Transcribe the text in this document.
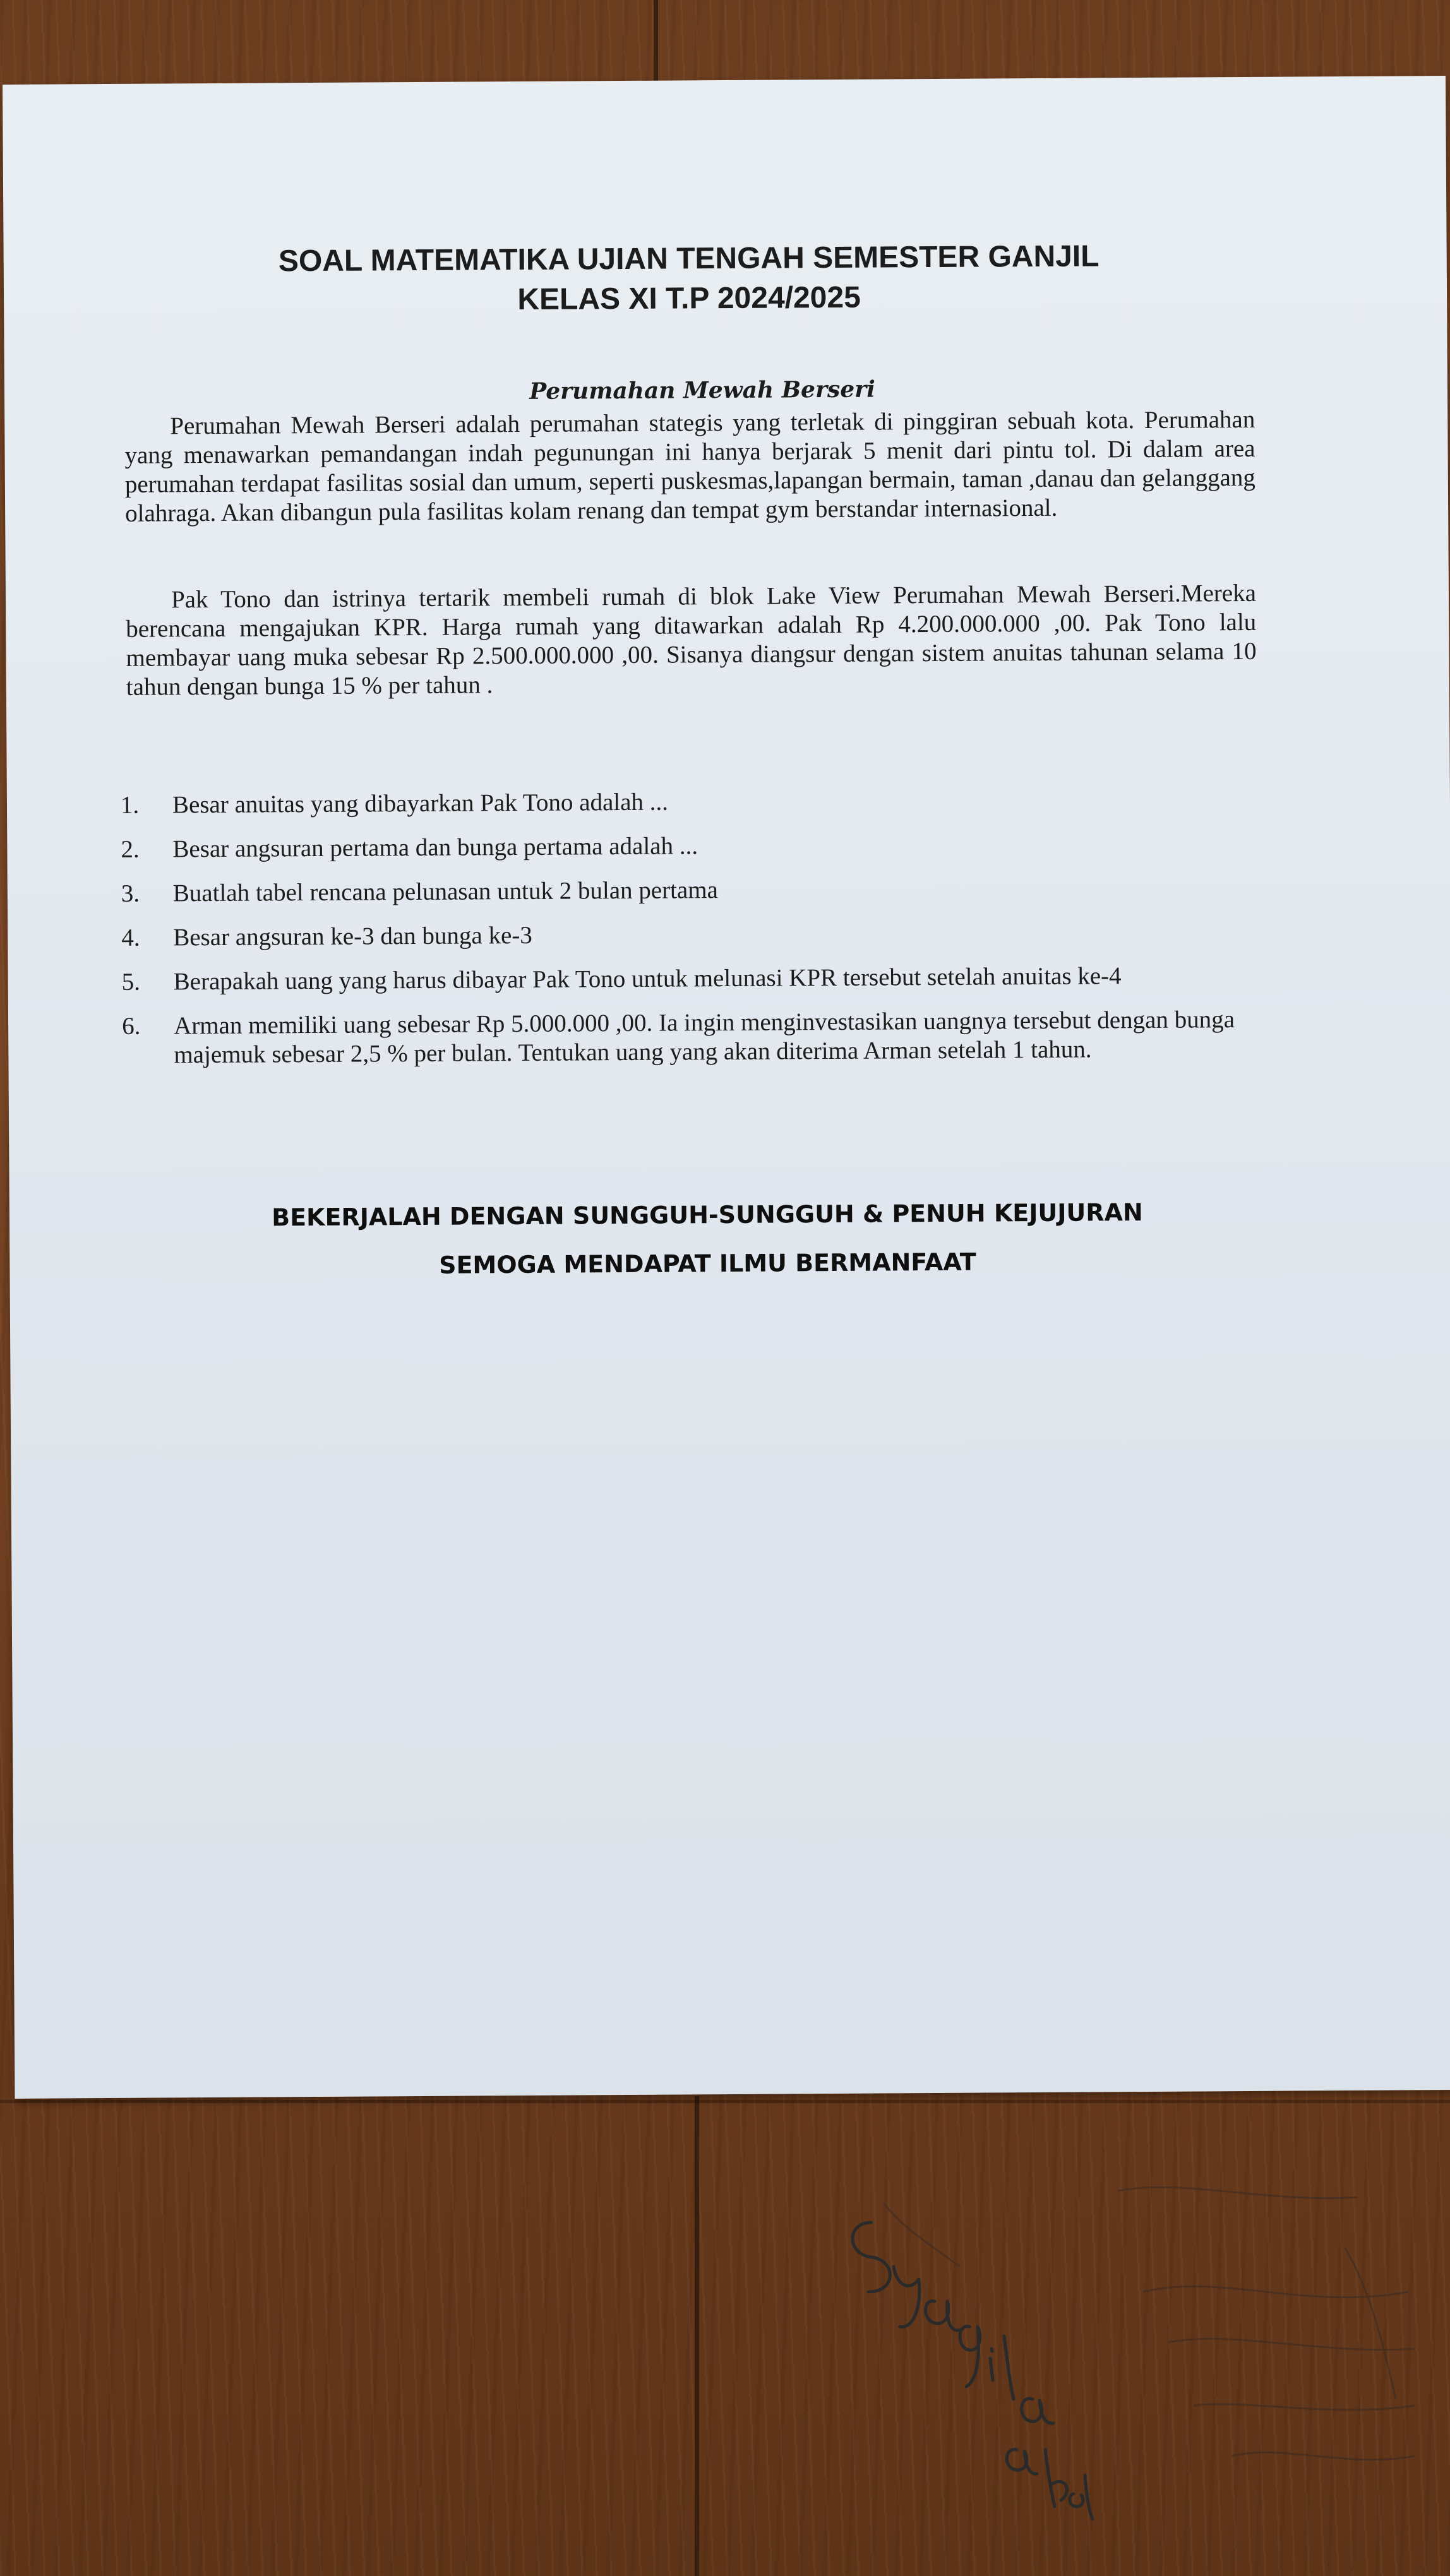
SOAL MATEMATIKA UJIAN TENGAH SEMESTER GANJIL
KELAS XI T.P 2024/2025
Perumahan Mewah Berseri

Perumahan Mewah Berseri adalah perumahan stategis yang terletak di pinggiran sebuah kota. Perumahan yang menawarkan pemandangan indah pegunungan ini hanya berjarak 5 menit dari pintu tol. Di dalam area perumahan terdapat fasilitas sosial dan umum, seperti puskesmas,lapangan bermain, taman ,danau dan gelanggang olahraga. Akan dibangun pula fasilitas kolam renang dan tempat gym berstandar internasional.

Pak Tono dan istrinya tertarik membeli rumah di blok Lake View Perumahan Mewah Berseri.Mereka berencana mengajukan KPR. Harga rumah yang ditawarkan adalah Rp 4.200.000.000 ,00. Pak Tono lalu membayar uang muka sebesar Rp 2.500.000.000 ,00. Sisanya diangsur dengan sistem anuitas tahunan selama 10 tahun dengan bunga 15 % per tahun .

1. Besar anuitas yang dibayarkan Pak Tono adalah ...
2. Besar angsuran pertama dan bunga pertama adalah ...
3. Buatlah tabel rencana pelunasan untuk 2 bulan pertama
4. Besar angsuran ke-3 dan bunga ke-3
5. Berapakah uang yang harus dibayar Pak Tono untuk melunasi KPR tersebut setelah anuitas ke-4
6. Arman memiliki uang sebesar Rp 5.000.000 ,00. Ia ingin menginvestasikan uangnya tersebut dengan bunga majemuk sebesar 2,5 % per bulan. Tentukan uang yang akan diterima Arman setelah 1 tahun.
BEKERJALAH DENGAN SUNGGUH-SUNGGUH & PENUH KEJUJURAN
SEMOGA MENDAPAT ILMU BERMANFAAT
Syaqila abel
